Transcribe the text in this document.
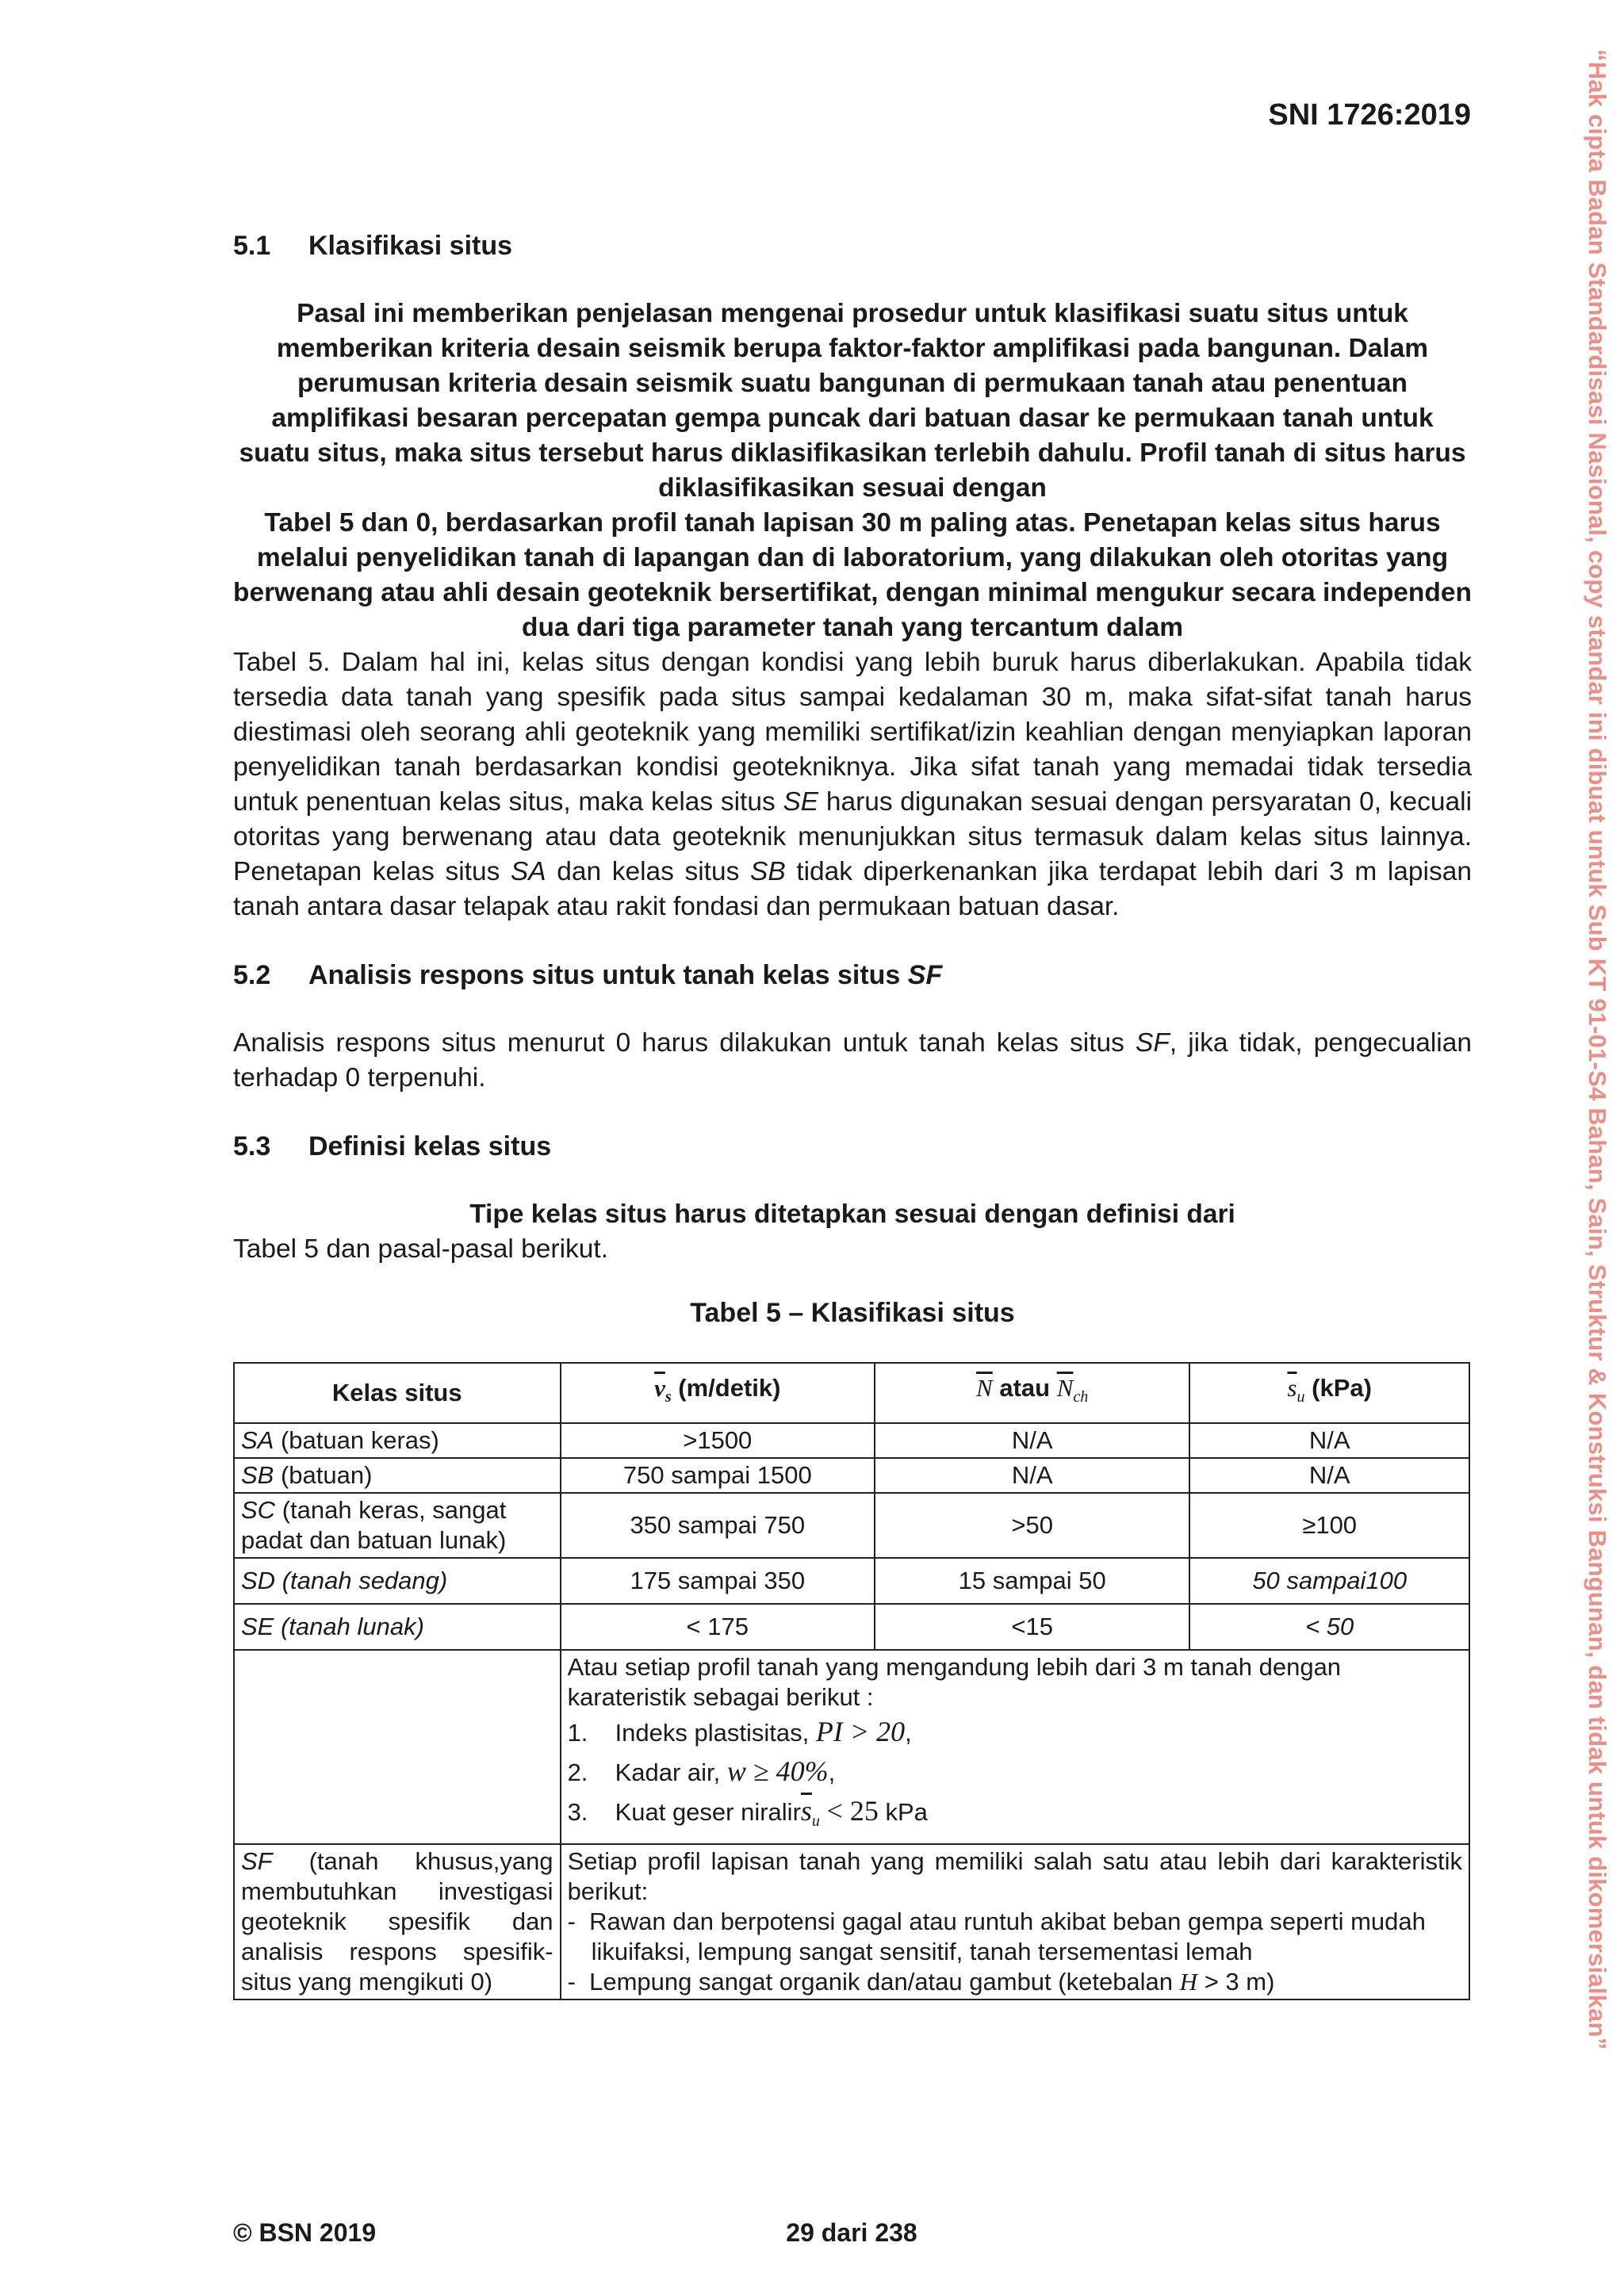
SNI 1726:2019	“Hak cipta Badan Standardisasi Nasional, copy standar ini dibuat untuk Sub KT 91-01-S4 Bahan, Sain, Struktur & Konstruksi Bangunan, dan tidak untuk dikomersialkan”
5.1	Klasifikasi situs

Pasal ini memberikan penjelasan mengenai prosedur untuk klasifikasi suatu situs untuk memberikan kriteria desain seismik berupa faktor-faktor amplifikasi pada bangunan. Dalam perumusan kriteria desain seismik suatu bangunan di permukaan tanah atau penentuan amplifikasi besaran percepatan gempa puncak dari batuan dasar ke permukaan tanah untuk suatu situs, maka situs tersebut harus diklasifikasikan terlebih dahulu. Profil tanah di situs harus diklasifikasikan sesuai dengan

Tabel 5 dan 0, berdasarkan profil tanah lapisan 30 m paling atas. Penetapan kelas situs harus melalui penyelidikan tanah di lapangan dan di laboratorium, yang dilakukan oleh otoritas yang berwenang atau ahli desain geoteknik bersertifikat, dengan minimal mengukur secara independen dua dari tiga parameter tanah yang tercantum dalam

Tabel 5. Dalam hal ini, kelas situs dengan kondisi yang lebih buruk harus diberlakukan. Apabila tidak tersedia data tanah yang spesifik pada situs sampai kedalaman 30 m, maka sifat-sifat tanah harus diestimasi oleh seorang ahli geoteknik yang memiliki sertifikat/izin keahlian dengan menyiapkan laporan penyelidikan tanah berdasarkan kondisi geotekniknya. Jika sifat tanah yang memadai tidak tersedia untuk penentuan kelas situs, maka kelas situs SE harus digunakan sesuai dengan persyaratan 0, kecuali otoritas yang berwenang atau data geoteknik menunjukkan situs termasuk dalam kelas situs lainnya. Penetapan kelas situs SA dan kelas situs SB tidak diperkenankan jika terdapat lebih dari 3 m lapisan tanah antara dasar telapak atau rakit fondasi dan permukaan batuan dasar.

5.2	Analisis respons situs untuk tanah kelas situs SF

Analisis respons situs menurut 0 harus dilakukan untuk tanah kelas situs SF, jika tidak, pengecualian terhadap 0 terpenuhi.

5.3	Definisi kelas situs

Tipe kelas situs harus ditetapkan sesuai dengan definisi dari

Tabel 5 dan pasal-pasal berikut.

Tabel 5 – Klasifikasi situs
Kelas situs	$\overline{v}_s$ (m/detik)	$\overline{N}$ atau $\overline{N}_{ch}$	$\overline{s}_u$ (kPa)
SA (batuan keras)	>1500	N/A	N/A
SB (batuan)	750 sampai 1500	N/A	N/A
SC (tanah keras, sangat padat dan batuan lunak)	350 sampai 750	>50	≥100
SD (tanah sedang)	175 sampai 350	15 sampai 50	50 sampai100
SE (tanah lunak)	< 175	<15	< 50

	Atau setiap profil tanah yang mengandung lebih dari 3 m tanah dengan karateristik sebagai berikut :
1. Indeks plastisitas, PI > 20,
2. Kadar air, w ≥ 40%,
3. Kuat geser $niralir\overline{s}_u < 25$ kPa		

SF (tanah khusus,yang membutuhkan investigasi geoteknik spesifik dan analisis respons spesifik-situs yang mengikuti 0)	Setiap profil lapisan tanah yang memiliki salah satu atau lebih dari karakteristik berikut:
- Rawan dan berpotensi gagal atau runtuh akibat beban gempa seperti mudah likuifaksi, lempung sangat sensitif, tanah tersementasi lemah
- Lempung sangat organik dan/atau gambut (ketebalan H > 3 m)		
© BSN 2019	29 dari 238
